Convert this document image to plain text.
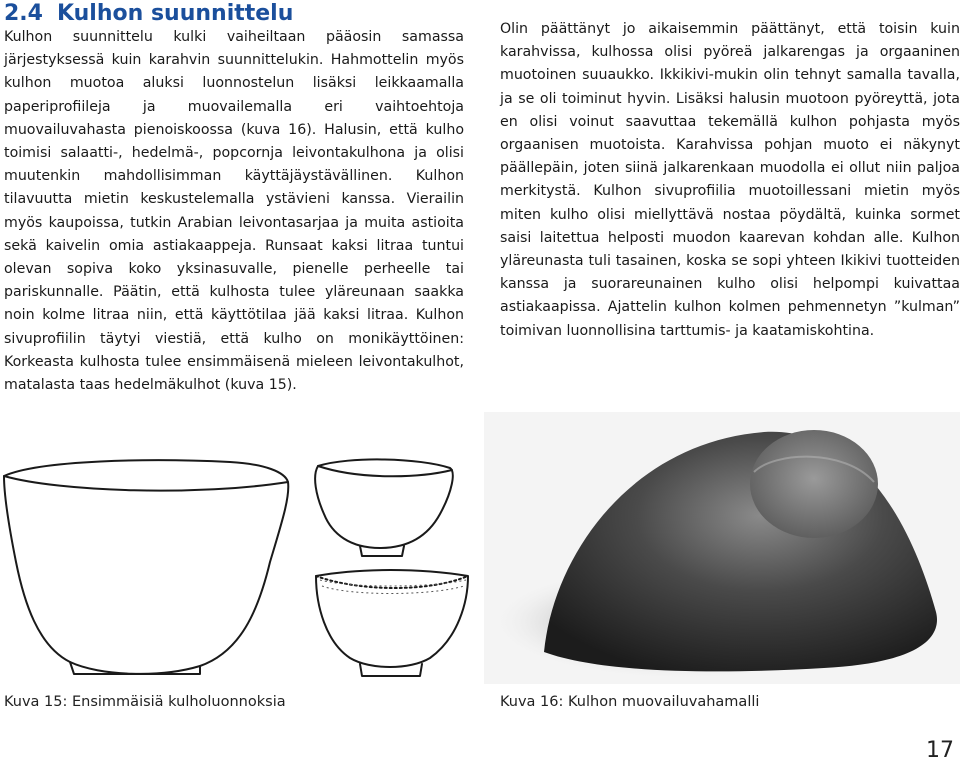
2.4 Kulhon suunnittelu

Kulhon suunnittelu kulki vaiheiltaan pääosin samassa järjestyksessä kuin karahvin suunnittelukin. Hahmottelin myös kulhon muotoa aluksi luonnostelun lisäksi leikkaamalla paperiprofiileja ja muovailemalla eri vaihtoehtoja muovailuvahasta pienoiskoossa (kuva 16). Halusin, että kulho toimisi salaatti-, hedelmä-, popcornja leivontakulhona ja olisi muutenkin mahdollisimman käyttäjäystävällinen. Kulhon tilavuutta mietin keskustelemalla ystävieni kanssa. Vierailin myös kaupoissa, tutkin Arabian leivontasarjaa ja muita astioita sekä kaivelin omia astiakaappeja. Runsaat kaksi litraa tuntui olevan sopiva koko yksinasuvalle, pienelle perheelle tai pariskunnalle. Päätin, että kulhosta tulee yläreunaan saakka noin kolme litraa niin, että käyttötilaa jää kaksi litraa. Kulhon sivuprofiilin täytyi viestiä, että kulho on monikäyttöinen: Korkeasta kulhosta tulee ensimmäisenä mieleen leivontakulhot, matalasta taas hedelmäkulhot (kuva 15).

Olin päättänyt jo aikaisemmin päättänyt, että toisin kuin karahvissa, kulhossa olisi pyöreä jalkarengas ja orgaaninen muotoinen suuaukko. Ikkikivi-mukin olin tehnyt samalla tavalla, ja se oli toiminut hyvin. Lisäksi halusin muotoon pyöreyttä, jota en olisi voinut saavuttaa tekemällä kulhon pohjasta myös orgaanisen muotoista. Karahvissa pohjan muoto ei näkynyt päällepäin, joten siinä jalkarenkaan muodolla ei ollut niin paljoa merkitystä. Kulhon sivuprofiilia muotoillessani mietin myös miten kulho olisi miellyttävä nostaa pöydältä, kuinka sormet saisi laitettua helposti muodon kaarevan kohdan alle. Kulhon yläreunasta tuli tasainen, koska se sopi yhteen Ikikivi tuotteiden kanssa ja suorareunainen kulho olisi helpompi kuivattaa astiakaapissa. Ajattelin kulhon kolmen pehmennetyn ”kulman” toimivan luonnollisina tarttumis- ja kaatamiskohtina.

Kuva 15: Ensimmäisiä kulholuonnoksia	Kuva 16: Kulhon muovailuvahamalli
17
